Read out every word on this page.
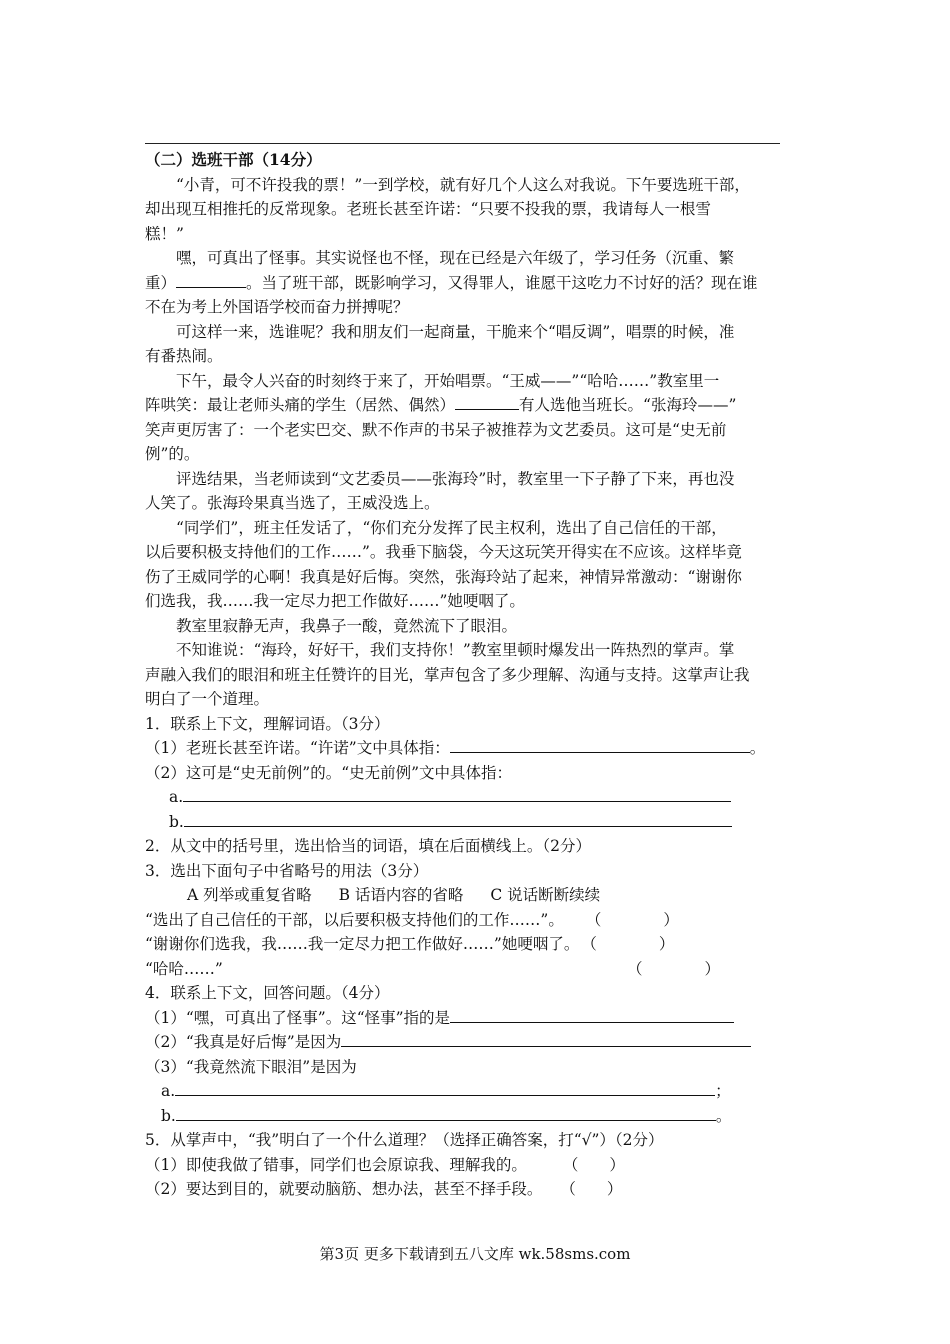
（二）选班干部（14分）
“小青，可不许投我的票！”一到学校，就有好几个人这么对我说。下午要选班干部，
却出现互相推托的反常现象。老班长甚至许诺：“只要不投我的票，我请每人一根雪
糕！”
嘿，可真出了怪事。其实说怪也不怪，现在已经是六年级了，学习任务（沉重、繁
重）	。当了班干部，既影响学习，又得罪人，谁愿干这吃力不讨好的活？现在谁
不在为考上外国语学校而奋力拼搏呢？
可这样一来，选谁呢？我和朋友们一起商量，干脆来个“唱反调”，唱票的时候，准
有番热闹。
下午，最令人兴奋的时刻终于来了，开始唱票。“王威——”“哈哈……”教室里一
阵哄笑：最让老师头痛的学生（居然、偶然）	有人选他当班长。“张海玲——”
笑声更厉害了：一个老实巴交、默不作声的书呆子被推荐为文艺委员。这可是“史无前
例”的。
评选结果，当老师读到“文艺委员——张海玲”时，教室里一下子静了下来，再也没
人笑了。张海玲果真当选了，王威没选上。
“同学们”，班主任发话了，“你们充分发挥了民主权利，选出了自己信任的干部，
以后要积极支持他们的工作……”。我垂下脑袋，今天这玩笑开得实在不应该。这样毕竟
伤了王威同学的心啊！我真是好后悔。突然，张海玲站了起来，神情异常激动：“谢谢你
们选我，我……我一定尽力把工作做好……”她哽咽了。
教室里寂静无声，我鼻子一酸，竟然流下了眼泪。
不知谁说：“海玲，好好干，我们支持你！”教室里顿时爆发出一阵热烈的掌声。掌
声融入我们的眼泪和班主任赞许的目光，掌声包含了多少理解、沟通与支持。这掌声让我
明白了一个道理。
1．联系上下文，理解词语。（3分）
（1）老班长甚至许诺。“许诺”文中具体指：	。
（2）这可是“史无前例”的。“史无前例”文中具体指：
a.
b.
2．从文中的括号里，选出恰当的词语，填在后面横线上。（2分）
3．选出下面句子中省略号的用法（3分）
A 列举或重复省略 B 话语内容的省略 C 说话断断续续
“选出了自己信任的干部，以后要积极支持他们的工作……”。 （　　　　）
“谢谢你们选我，我……我一定尽力把工作做好……”她哽咽了。 （　　　　）
“哈哈……”	（　　　　）
4．联系上下文，回答问题。（4分）
（1）“嘿，可真出了怪事”。这“怪事”指的是
（2）“我真是好后悔”是因为
（3）“我竟然流下眼泪”是因为
a.	；
b.	。
5．从掌声中，“我”明白了一个什么道理？（选择正确答案，打“√”）（2分）
（1）即使我做了错事，同学们也会原谅我、理解我的。 （　　）
（2）要达到目的，就要动脑筋、想办法，甚至不择手段。 （　　）
第3页 更多下载请到五八文库 wk.58sms.com
